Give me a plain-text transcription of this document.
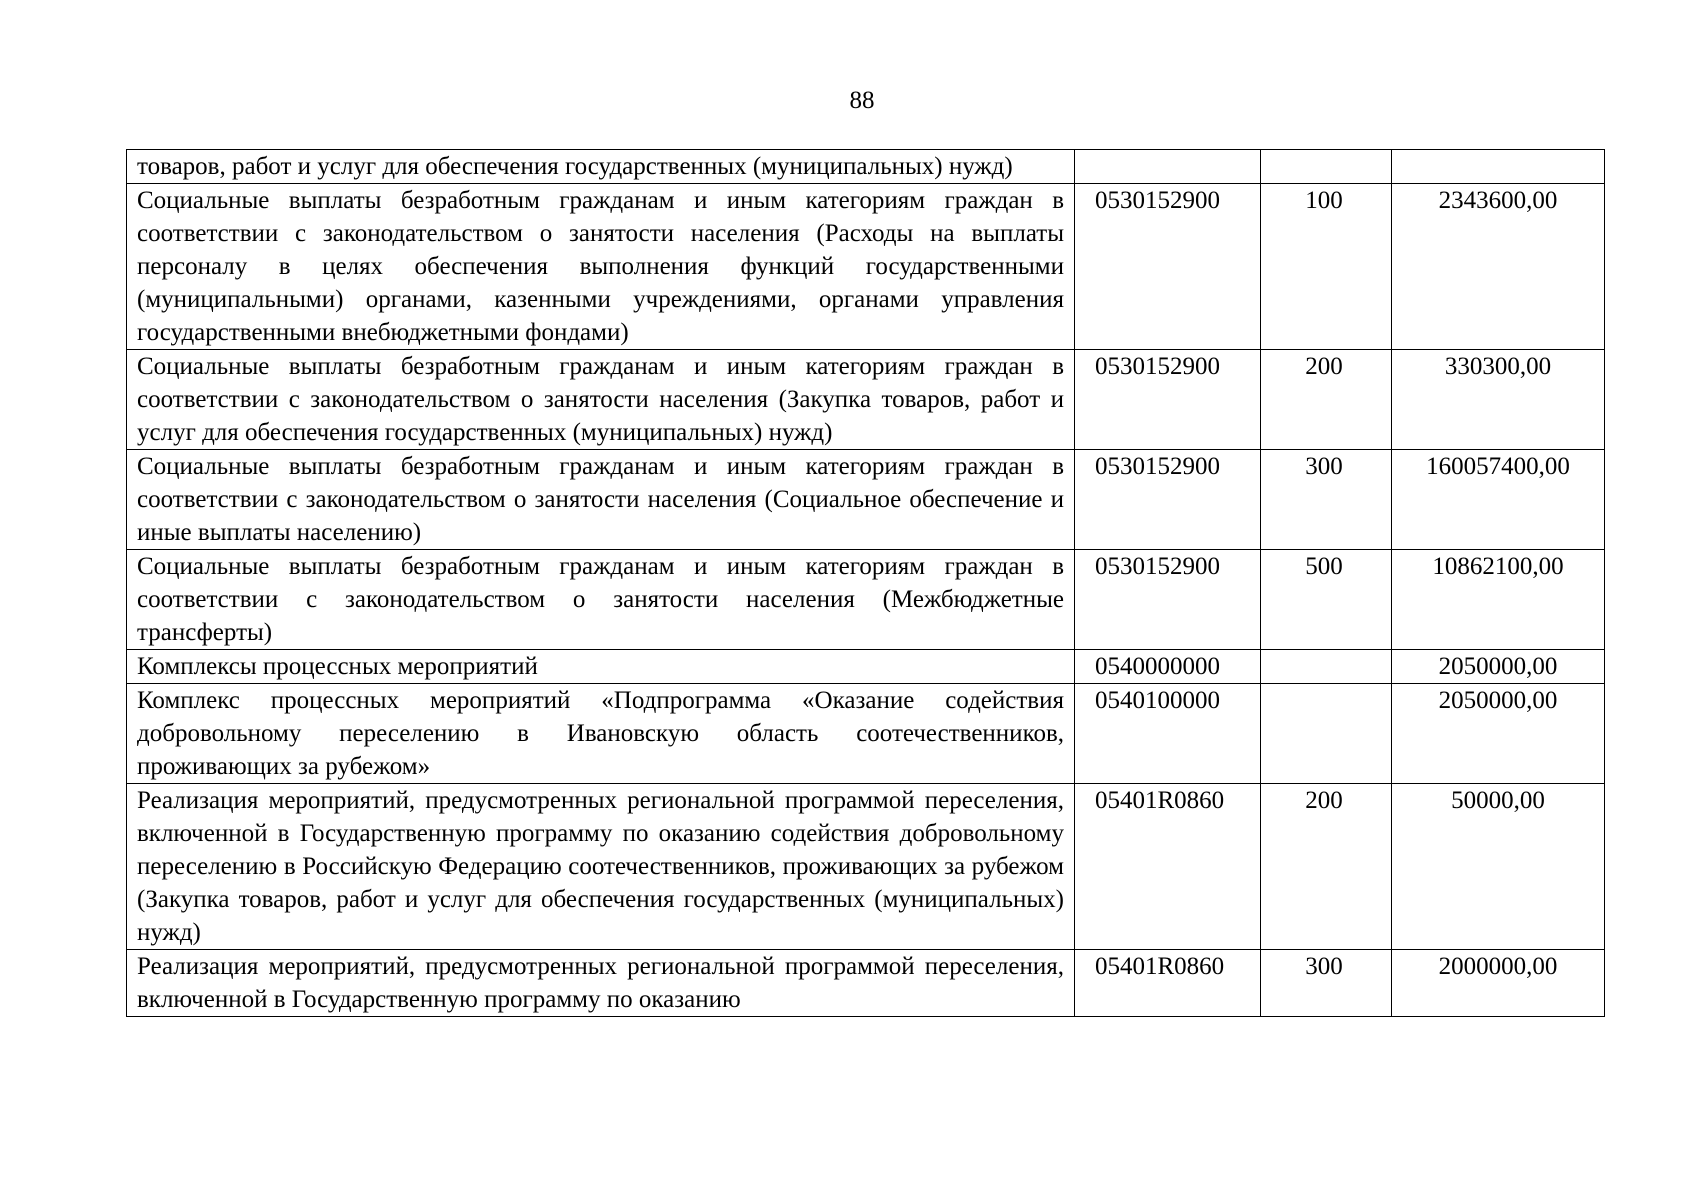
88
товаров, работ и услуг для обеспечения государственных (муниципальных) нужд)			
Социальные выплаты безработным гражданам и иным категориям граждан в соответствии с законодательством о занятости населения (Расходы на выплаты персоналу в целях обеспечения выполнения функций государственными (муниципальными) органами, казенными учреждениями, органами управления государственными внебюджетными фондами)	0530152900	100	2343600,00
Социальные выплаты безработным гражданам и иным категориям граждан в соответствии с законодательством о занятости населения (Закупка товаров, работ и услуг для обеспечения государственных (муниципальных) нужд)	0530152900	200	330300,00
Социальные выплаты безработным гражданам и иным категориям граждан в соответствии с законодательством о занятости населения (Социальное обеспечение и иные выплаты населению)	0530152900	300	160057400,00
Социальные выплаты безработным гражданам и иным категориям граждан в соответствии с законодательством о занятости населения (Межбюджетные трансферты)	0530152900	500	10862100,00
Комплексы процессных мероприятий	0540000000		2050000,00
Комплекс процессных мероприятий «Подпрограмма «Оказание содействия добровольному переселению в Ивановскую область соотечественников, проживающих за рубежом»	0540100000		2050000,00
Реализация мероприятий, предусмотренных региональной программой переселения, включенной в Государственную программу по оказанию содействия добровольному переселению в Российскую Федерацию соотечественников, проживающих за рубежом (Закупка товаров, работ и услуг для обеспечения государственных (муниципальных) нужд)	05401R0860	200	50000,00
Реализация мероприятий, предусмотренных региональной программой переселения, включенной в Государственную программу по оказанию	05401R0860	300	2000000,00
